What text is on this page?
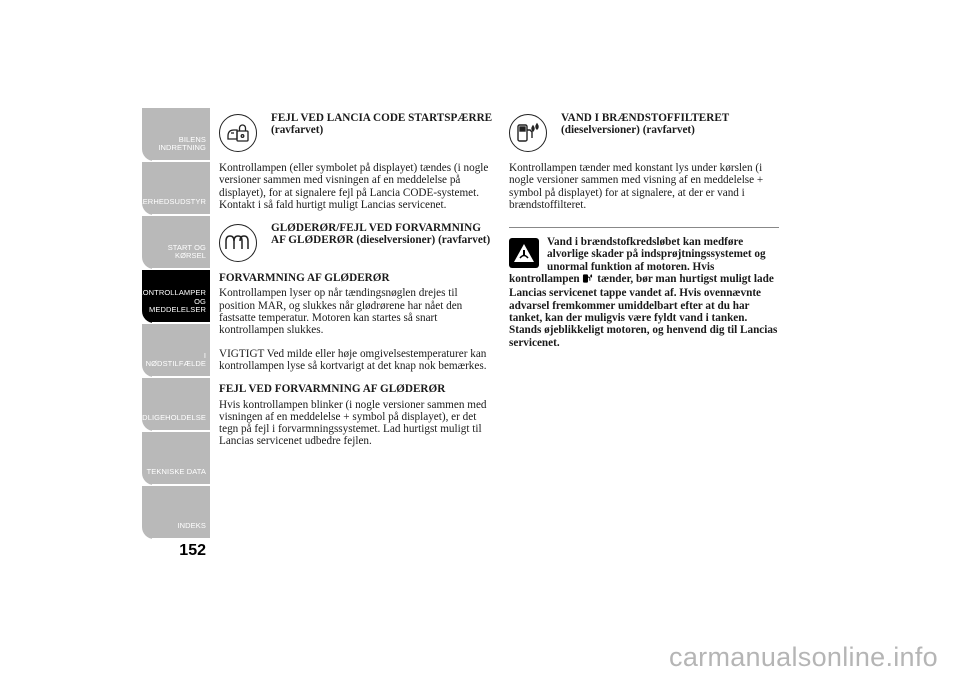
BILENS
INDRETNING
SIKKERHEDSUDSTYR
START OG KØRSEL
KONTROLLAMPER
OG MEDDELELSER
I NØDSTILFÆLDE
VEDLIGEHOLDELSE
TEKNISKE DATA
INDEKS
152
FEJL VED LANCIA CODE STARTSPÆRRE (ravfarvet)

Kontrollampen (eller symbolet på displayet) tændes (i nogle versioner sammen med visningen af en meddelelse på displayet), for at signalere fejl på Lancia CODE-systemet. Kontakt i så fald hurtigt muligt Lancias servicenet.

GLØDERØR/FEJL VED FORVARMNING AF GLØDERØR (dieselversioner) (ravfarvet)

FORVARMNING AF GLØDERØR

Kontrollampen lyser op når tændingsnøglen drejes til position MAR, og slukkes når glødrørene har nået den fastsatte temperatur. Motoren kan startes så snart kontrollampen slukkes.

VIGTIGT Ved milde eller høje omgivelsestemperaturer kan kontrollampen lyse så kortvarigt at det knap nok bemærkes.

FEJL VED FORVARMNING AF GLØDERØR

Hvis kontrollampen blinker (i nogle versioner sammen med visningen af en meddelelse + symbol på displayet), er det tegn på fejl i forvarmningssystemet. Lad hurtigst muligt til Lancias servicenet udbedre fejlen.

VAND I BRÆNDSTOFFILTERET (dieselversioner) (ravfarvet)

Kontrollampen tænder med konstant lys under kørslen (i nogle versioner sammen med visning af en meddelelse + symbol på displayet) for at signalere, at der er vand i brændstoffilteret.

Vand i brændstofkredsløbet kan medføre alvorlige skader på indsprøjtningssystemet og unormal funktion af motoren. Hvis kontrollampen tænder, bør man hurtigst muligt lade Lancias servicenet tappe vandet af. Hvis ovennævnte advarsel fremkommer umiddelbart efter at du har tanket, kan der muligvis være fyldt vand i tanken. Stands øjeblikkeligt motoren, og henvend dig til Lancias servicenet.
carmanualsonline.info
